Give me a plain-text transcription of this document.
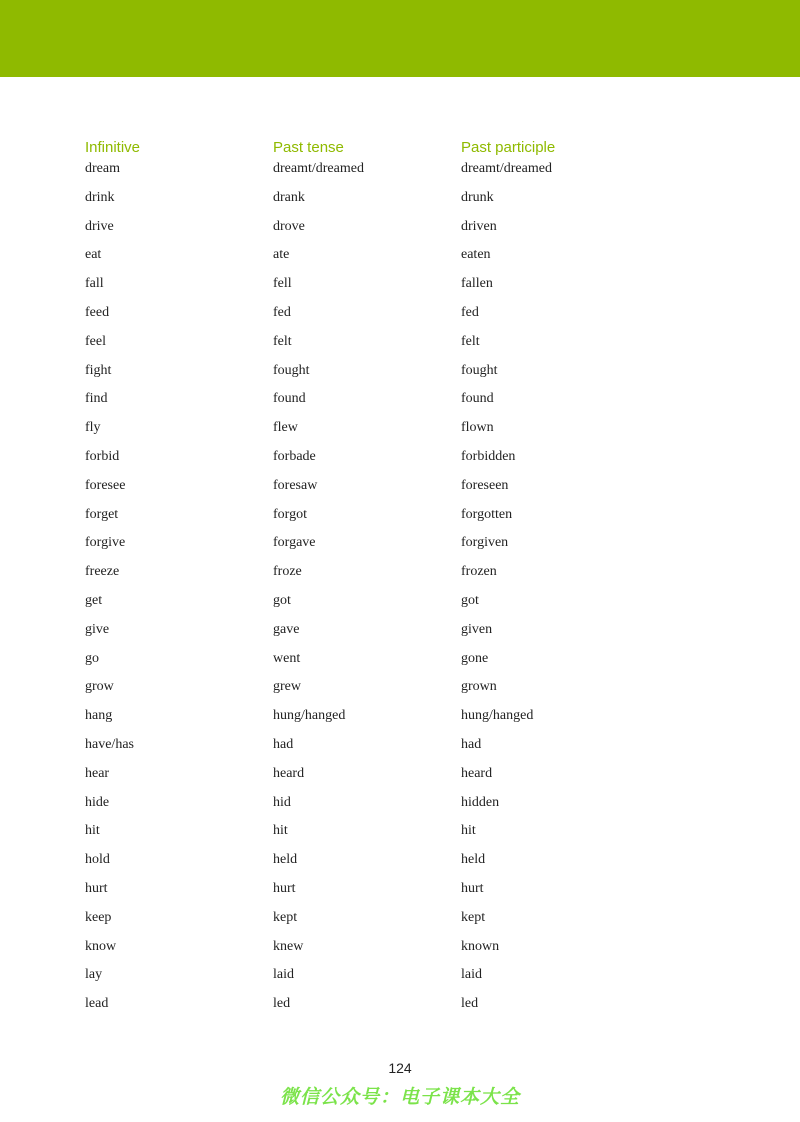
Infinitive	Past tense	Past participle
dream	dreamt/dreamed	dreamt/dreamed
drink	drank	drunk
drive	drove	driven
eat	ate	eaten
fall	fell	fallen
feed	fed	fed
feel	felt	felt
fight	fought	fought
find	found	found
fly	flew	flown
forbid	forbade	forbidden
foresee	foresaw	foreseen
forget	forgot	forgotten
forgive	forgave	forgiven
freeze	froze	frozen
get	got	got
give	gave	given
go	went	gone
grow	grew	grown
hang	hung/hanged	hung/hanged
have/has	had	had
hear	heard	heard
hide	hid	hidden
hit	hit	hit
hold	held	held
hurt	hurt	hurt
keep	kept	kept
know	knew	known
lay	laid	laid
lead	led	led
124
微信公众号：电子课本大全
